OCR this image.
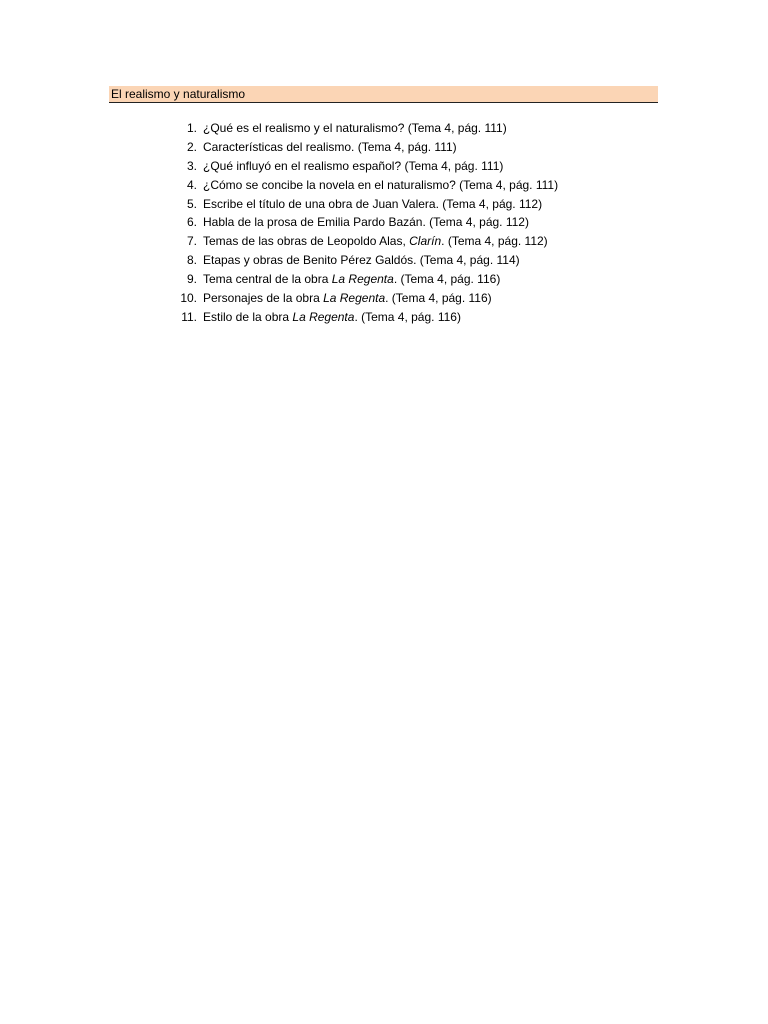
El realismo y naturalismo
1. ¿Qué es el realismo y el naturalismo? (Tema 4, pág. 111)
2. Características del realismo. (Tema 4, pág. 111)
3. ¿Qué influyó en el realismo español? (Tema 4, pág. 111)
4. ¿Cómo se concibe la novela en el naturalismo? (Tema 4, pág. 111)
5. Escribe el título de una obra de Juan Valera. (Tema 4, pág. 112)
6. Habla de la prosa de Emilia Pardo Bazán. (Tema 4, pág. 112)
7. Temas de las obras de Leopoldo Alas, Clarín. (Tema 4, pág. 112)
8. Etapas y obras de Benito Pérez Galdós. (Tema 4, pág. 114)
9. Tema central de la obra La Regenta. (Tema 4, pág. 116)
10. Personajes de la obra La Regenta. (Tema 4, pág. 116)
11. Estilo de la obra La Regenta. (Tema 4, pág. 116)
